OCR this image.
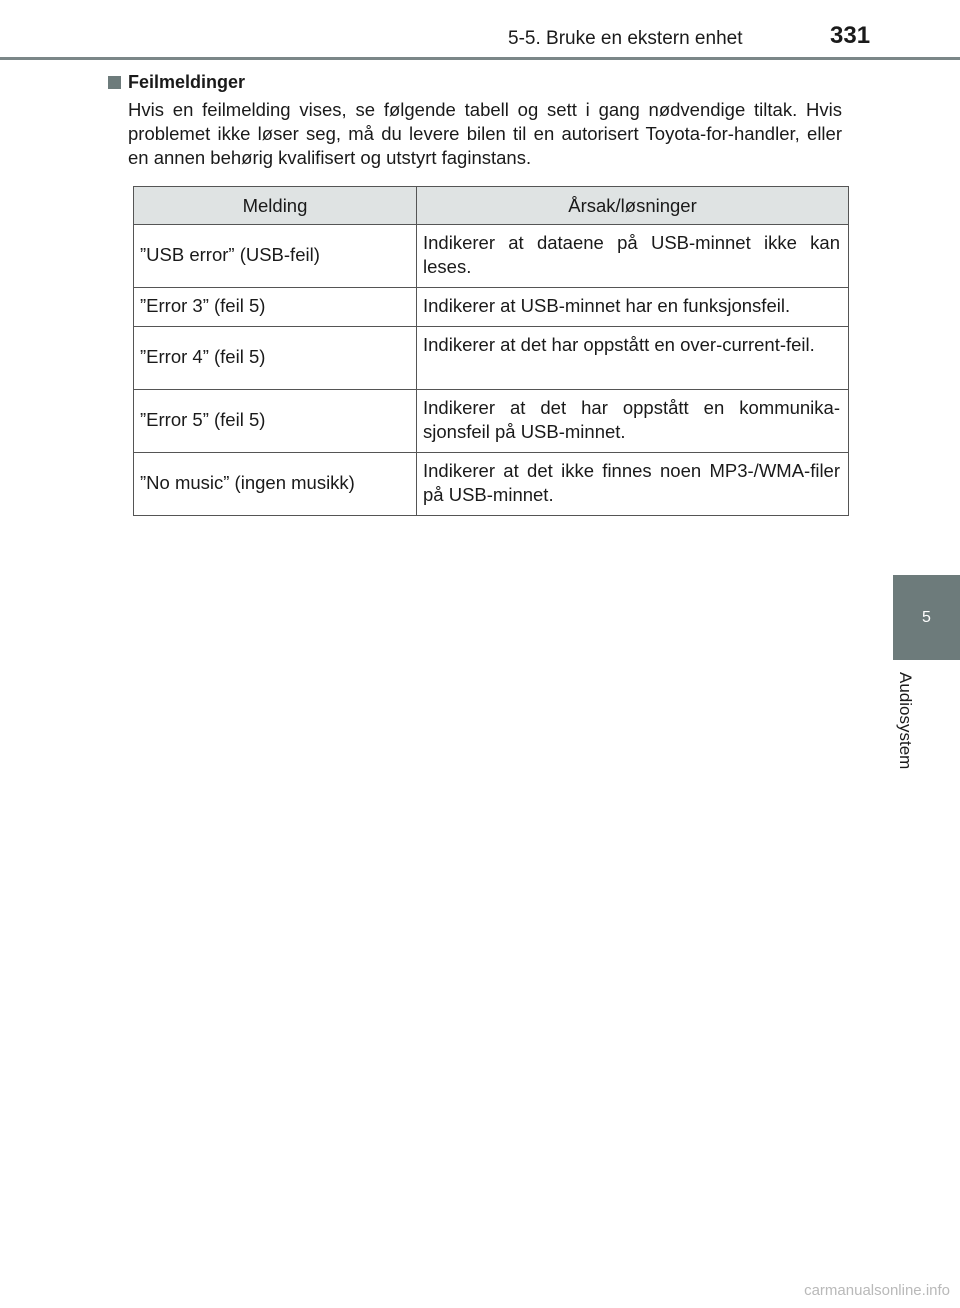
5-5. Bruke en ekstern enhet	331
5
Audiosystem
Feilmeldinger

Hvis en feilmelding vises, se følgende tabell og sett i gang nødvendige tiltak. Hvis problemet ikke løser seg, må du levere bilen til en autorisert Toyota-for-handler, eller en annen behørig kvalifisert og utstyrt faginstans.

Melding	Årsak/løsninger
”USB error” (USB-feil)	Indikerer at dataene på USB-minnet ikke kan leses.
”Error 3” (feil 5)	Indikerer at USB-minnet har en funksjonsfeil.
”Error 4” (feil 5)	Indikerer at det har oppstått en over-current-feil.
”Error 5” (feil 5)	Indikerer at det har oppstått en kommunika-sjonsfeil på USB-minnet.
”No music” (ingen musikk)	Indikerer at det ikke finnes noen MP3-/WMA-filer på USB-minnet.
carmanualsonline.info
